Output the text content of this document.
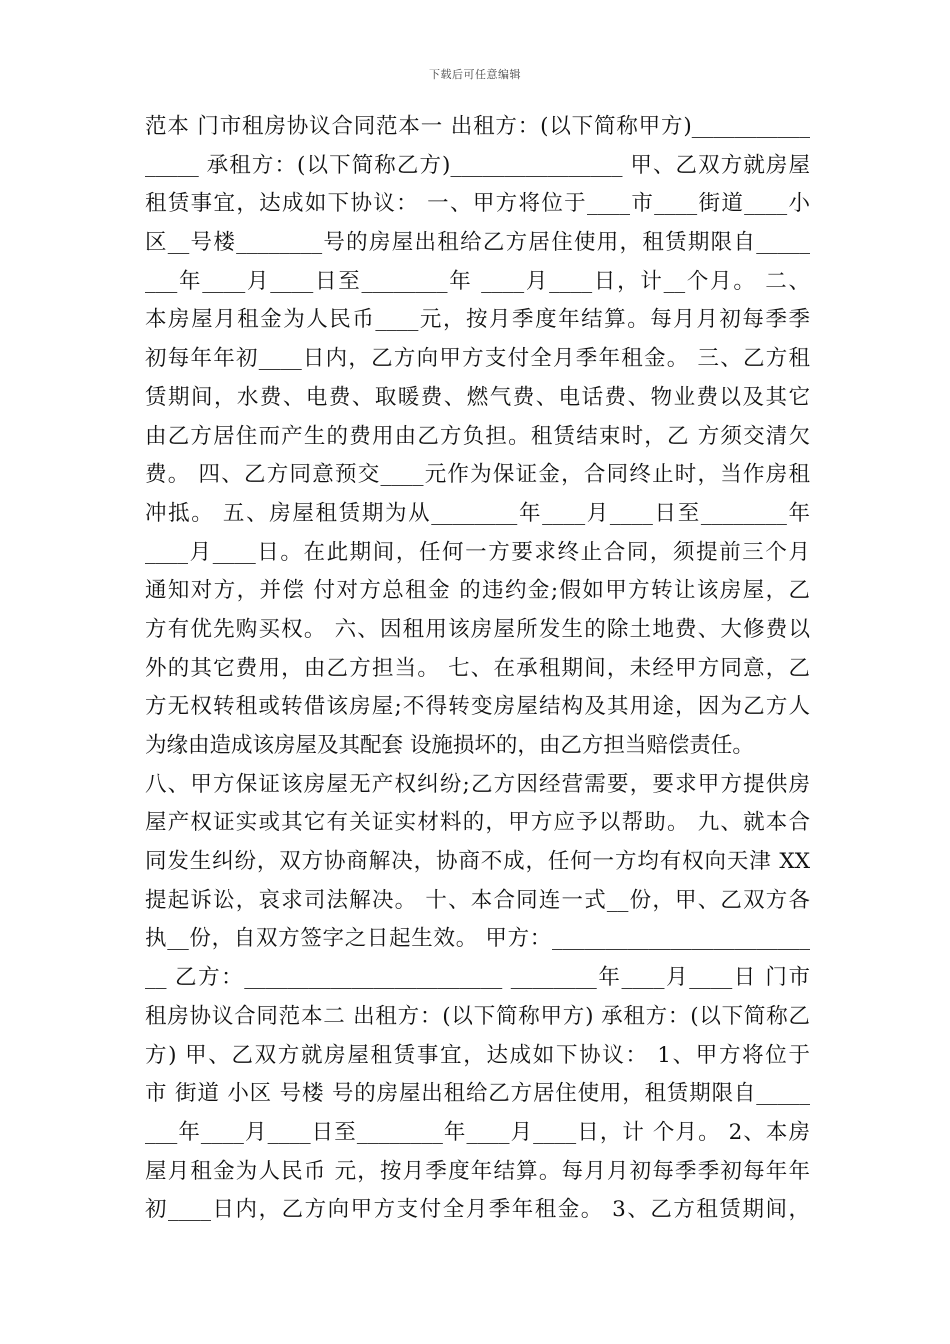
下载后可任意编辑
范本 门市租房协议合同范本一 出租方：(以下简称甲方)___________
_____ 承租方：(以下简称乙方)________________ 甲、乙双方就房屋
租赁事宜，达成如下协议： 一、甲方将位于____市____街道____小
区__号楼________号的房屋出租给乙方居住使用，租赁期限自_____
___年____月____日至________年 ____月____日，计__个月。 二、
本房屋月租金为人民币____元，按月季度年结算。每月月初每季季
初每年年初____日内，乙方向甲方支付全月季年租金。 三、乙方租
赁期间，水费、电费、取暖费、燃气费、电话费、物业费以及其它
由乙方居住而产生的费用由乙方负担。租赁结束时，乙 方须交清欠
费。 四、乙方同意预交____元作为保证金，合同终止时，当作房租
冲抵。 五、房屋租赁期为从________年____月____日至________年
____月____日。在此期间，任何一方要求终止合同，须提前三个月
通知对方，并偿 付对方总租金 的违约金;假如甲方转让该房屋，乙
方有优先购买权。 六、因租用该房屋所发生的除土地费、大修费以
外的其它费用，由乙方担当。 七、在承租期间，未经甲方同意，乙
方无权转租或转借该房屋;不得转变房屋结构及其用途，因为乙方人
为缘由造成该房屋及其配套 设施损坏的，由乙方担当赔偿责任。
八、甲方保证该房屋无产权纠纷;乙方因经营需要，要求甲方提供房
屋产权证实或其它有关证实材料的，甲方应予以帮助。 九、就本合
同发生纠纷，双方协商解决，协商不成，任何一方均有权向天津 XX
提起诉讼，哀求司法解决。 十、本合同连一式__份，甲、乙双方各
执__份，自双方签字之日起生效。 甲方：________________________
__ 乙方：________________________ ________年____月____日 门市
租房协议合同范本二 出租方：(以下简称甲方) 承租方：(以下简称乙
方) 甲、乙双方就房屋租赁事宜，达成如下协议： 1、甲方将位于
市 街道 小区 号楼 号的房屋出租给乙方居住使用，租赁期限自_____
___年____月____日至________年____月____日，计 个月。 2、本房
屋月租金为人民币 元，按月季度年结算。每月月初每季季初每年年
初____日内，乙方向甲方支付全月季年租金。 3、乙方租赁期间，
